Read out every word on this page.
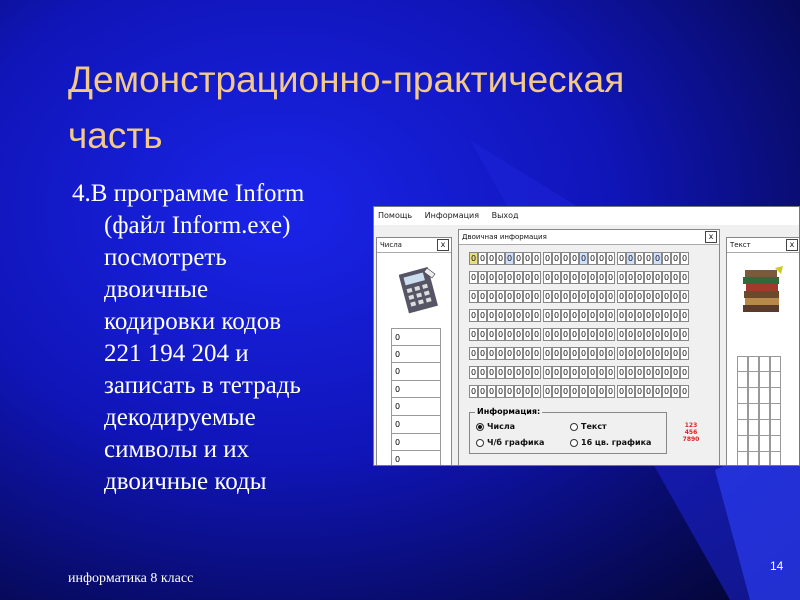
Демонстрационно-практическая
часть
4.В программе Inform
(файл Inform.exe)
посмотреть
двоичные
кодировки кодов
221 194 204 и
записать в тетрадь
декодируемые
символы и их
двоичные коды
Помощь Информация Выход
Числа	x
0
0
0
0
0
0
0
0
Двоичная информация	x
0 0 0 0 0 0 0 0 0 0 0 0 0 0 0 0 0 0 0 0 0 0 0 0
0 0 0 0 0 0 0 0 0 0 0 0 0 0 0 0 0 0 0 0 0 0 0 0
0 0 0 0 0 0 0 0 0 0 0 0 0 0 0 0 0 0 0 0 0 0 0 0
0 0 0 0 0 0 0 0 0 0 0 0 0 0 0 0 0 0 0 0 0 0 0 0
0 0 0 0 0 0 0 0 0 0 0 0 0 0 0 0 0 0 0 0 0 0 0 0
0 0 0 0 0 0 0 0 0 0 0 0 0 0 0 0 0 0 0 0 0 0 0 0
0 0 0 0 0 0 0 0 0 0 0 0 0 0 0 0 0 0 0 0 0 0 0 0
0 0 0 0 0 0 0 0 0 0 0 0 0 0 0 0 0 0 0 0 0 0 0 0
Информация:
Числа	Текст
Ч/б графика	16 цв. графика
123 456 7890
Текст	x
информатика 8 класс
14
